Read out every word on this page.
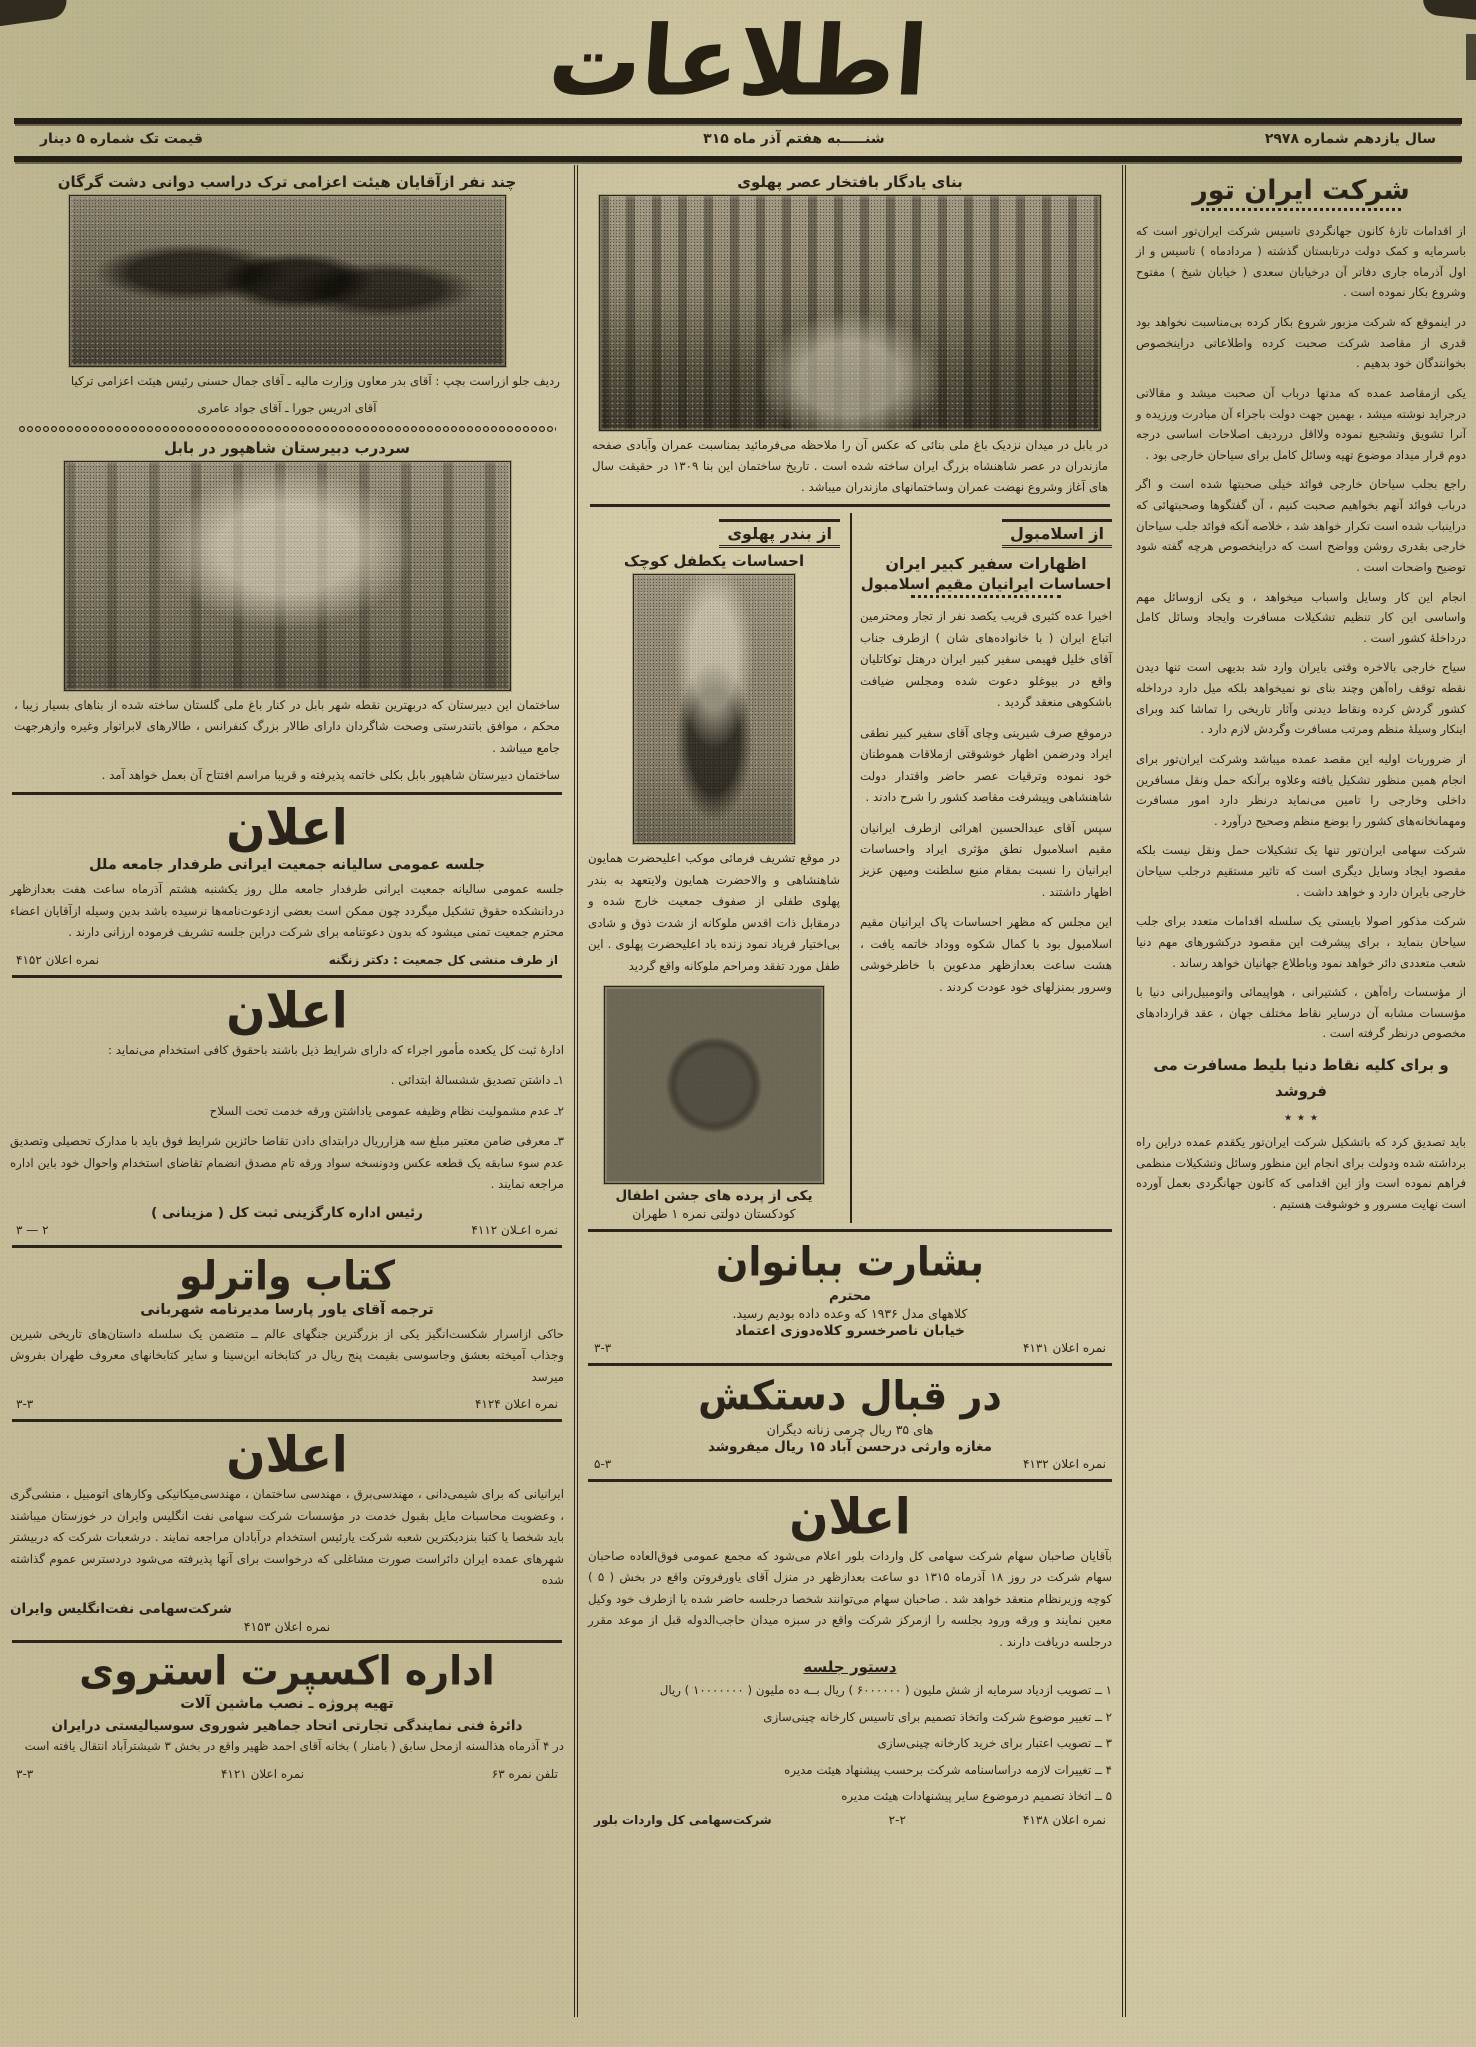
اطلاعات
سال یازدهم شماره ۲۹۷۸
شنـــــبه هفتم آذر ماه ۳۱۵
قیمت تک شماره ۵ دینار
شرکت ایران تور

از اقدامات تازهٔ کانون جهانگردی تاسیس شرکت ایران‌تور است که باسرمایه و کمک دولت درتابستان گذشته ( مردادماه ) تاسیس و از اول آذرماه جاری دفاتر آن درخیابان سعدی ( خیابان شیخ ) مفتوح وشروع بکار نموده است .

در اینموقع که شرکت مزبور شروع بکار کرده بی‌مناسبت نخواهد بود قدری از مقاصد شرکت صحبت کرده واطلاعاتی دراینخصوص بخوانندگان خود بدهیم .

یکی ازمقاصد عمده که مدتها درباب آن صحبت میشد و مقالاتی درجراید نوشته میشد ، بهمین جهت دولت باجراء آن مبادرت ورزیده و آنرا تشویق وتشجیع نموده ولااقل درردیف اصلاحات اساسی درجه دوم قرار میداد موضوع تهیه وسائل کامل برای سیاحان خارجی بود .

راجع بجلب سیاحان خارجی فوائد خیلی صحبتها شده است و اگر درباب فوائد آنهم بخواهیم صحبت کنیم ، آن گفتگوها وصحبتهائی که دراینباب شده است تکرار خواهد شد ، خلاصه آنکه فوائد جلب سیاحان خارجی بقدری روشن وواضح است که دراینخصوص هرچه گفته شود توضیح واضحات است .

انجام این کار وسایل واسباب میخواهد ، و یکی ازوسائل مهم واساسی این کار تنظیم تشکیلات مسافرت وایجاد وسائل کامل درداخلهٔ کشور است .

سیاح خارجی بالاخره وقتی بایران وارد شد بدیهی است تنها دیدن نقطه توقف راه‌آهن وچند بنای نو نمیخواهد بلکه میل دارد درداخله کشور گردش کرده ونقاط دیدنی وآثار تاریخی را تماشا کند وبرای اینکار وسیلهٔ منظم ومرتب مسافرت وگردش لازم دارد .

از ضروریات اولیه این مقصد عمده میباشد وشرکت ایران‌تور برای انجام همین منظور تشکیل یافته وعلاوه برآنکه حمل ونقل مسافرین داخلی وخارجی را تامین می‌نماید درنظر دارد امور مسافرت ومهمانخانه‌های کشور را بوضع منظم وصحیح درآورد .

شرکت سهامی ایران‌تور تنها یک تشکیلات حمل ونقل نیست بلکه مقصود ایجاد وسایل دیگری است که تاثیر مستقیم درجلب سیاحان خارجی بایران دارد و خواهد داشت .

شرکت مذکور اصولا بایستی یک سلسله اقدامات متعدد برای جلب سیاحان بنماید ، برای پیشرفت این مقصود درکشورهای مهم دنیا شعب متعددی دائر خواهد نمود وباطلاع جهانیان خواهد رساند .

از مؤسسات راه‌آهن ، کشتیرانی ، هواپیمائی واتومبیل‌رانی دنیا با مؤسسات مشابه آن درسایر نقاط مختلف جهان ، عقد قراردادهای مخصوص درنظر گرفته است .

و برای کلیه نقاط دنیا بلیط مسافرت می فروشد

٭ ٭ ٭

باید تصدیق کرد که باتشکیل شرکت ایران‌تور یکقدم عمده دراین راه برداشته شده ودولت برای انجام این منظور وسائل وتشکیلات منظمی فراهم نموده است واز این اقدامی که کانون جهانگردی بعمل آورده است نهایت مسرور و خوشوقت هستیم .

بنای یادگار بافتخار عصر پهلوی

در بابل در میدان نزدیک باغ ملی بنائی که عکس آن را ملاحظه می‌فرمائید بمناسبت عمران وآبادی صفحه مازندران در عصر شاهنشاه بزرگ ایران ساخته شده است . تاریخ ساختمان این بنا ۱۳۰۹ در حقیقت سال های آغاز وشروع نهضت عمران وساختمانهای مازندران میباشد .

از اسلامبول
اظهارات سفیر کبیر ایران
احساسات ایرانیان مقیم اسلامبول

اخیرا عده کثیری قریب یکصد نفر از تجار ومحترمین اتباع ایران ( با خانواده‌های شان ) ازطرف جناب آقای خلیل فهیمی سفیر کبیر ایران درهتل توکاتلیان واقع در بیوغلو دعوت شده ومجلس ضیافت باشکوهی منعقد گردید .

درموقع صرف شیرینی وچای آقای سفیر کبیر نطقی ایراد ودرضمن اظهار خوشوقتی ازملاقات هموطنان خود نموده وترقیات عصر حاضر واقتدار دولت شاهنشاهی وپیشرفت مقاصد کشور را شرح دادند .

سپس آقای عبدالحسین اهرائی ازطرف ایرانیان مقیم اسلامبول نطق مؤثری ایراد واحساسات ایرانیان را نسبت بمقام منیع سلطنت ومیهن عزیز اظهار داشتند .

این مجلس که مظهر احساسات پاک ایرانیان مقیم اسلامبول بود با کمال شکوه ووداد خاتمه یافت ، هشت ساعت بعدازظهر مدعوین با خاطرخوشی وسرور بمنزلهای خود عودت کردند .

از بندر پهلوی
احساسات یکطفل کوچک

در موقع تشریف فرمائی موکب اعلیحضرت همایون شاهنشاهی و والاحضرت همایون ولایتعهد به بندر پهلوی طفلی از صفوف جمعیت خارج شده و درمقابل ذات اقدس ملوکانه از شدت ذوق و شادی بی‌اختیار فریاد نمود زنده باد اعلیحضرت پهلوی . این طفل مورد تفقد ومراحم ملوکانه واقع گردید

یکی از پرده های جشن اطفال

کودکستان دولتی نمره ۱ طهران

بشارت ببانوان

محترم

کلاههای مدل ۱۹۳۶ که وعده داده بودیم رسید.

خیابان ناصرخسرو کلاه‌دوزی اعتماد

نمره اعلان ۴۱۳۱
۳-۳
در قبال دستکش

های ۳۵ ریال چرمی زنانه دیگران

مغازه وارثی درحسن آباد ۱۵ ریال میفروشد

نمره اعلان ۴۱۳۲
۵-۳
اعلان

بآقایان صاحبان سهام شرکت سهامی کل واردات بلور اعلام می‌شود که مجمع عمومی فوق‌العاده صاحبان سهام شرکت در روز ۱۸ آذرماه ۱۳۱۵ دو ساعت بعدازظهر در منزل آقای یاورفروتن واقع در بخش ( ۵ ) کوچه وزیرنظام منعقد خواهد شد . صاحبان سهام می‌توانند شخصا درجلسه حاضر شده یا ازطرف خود وکیل معین نمایند و ورقه ورود بجلسه را ازمرکز شرکت واقع در سبزه میدان حاجب‌الدوله قبل از موعد مقرر درجلسه دریافت دارند .

دستور جلسه

۱ ــ تصویب ازدیاد سرمایه از شش ملیون ( ۶۰۰۰۰۰۰ ) ریال بــه ده ملیون ( ۱۰۰۰۰۰۰۰ ) ریال

۲ ــ تغییر موضوع شرکت واتخاذ تصمیم برای تاسیس کارخانه چینی‌سازی

۳ ــ تصویب اعتبار برای خرید کارخانه چینی‌سازی

۴ ــ تغییرات لازمه دراساسنامه شرکت برحسب پیشنهاد هیئت مدیره

۵ ــ اتخاذ تصمیم درموضوع سایر پیشنهادات هیئت مدیره

نمره اعلان ۴۱۳۸
۲-۲
شرکت‌سهامی کل واردات بلور
چند نفر ازآقایان هیئت اعزامی ترک دراسب دوانی دشت گرگان

ردیف جلو ازراست بچپ : آقای بدر معاون وزارت مالیه ـ آقای جمال حسنی رئیس هیئت اعزامی ترکیا

آقای ادریس جورا ـ آقای جواد عامری

سردرب دبیرستان شاهپور در بابل

ساختمان این دبیرستان که دربهترین نقطه شهر بابل در کنار باغ ملی گلستان ساخته شده از بناهای بسیار زیبا ، محکم ، موافق باتندرستی وصحت شاگردان دارای طالار بزرگ کنفرانس ، طالارهای لابراتوار وغیره وازهرجهت جامع میباشد .

ساختمان دبیرستان شاهپور بابل بکلی خاتمه پذیرفته و قریبا مراسم افتتاح آن بعمل خواهد آمد .

اعلان
جلسه عمومی سالیانه جمعیت ایرانی طرفدار جامعه ملل

جلسه عمومی سالیانه جمعیت ایرانی طرفدار جامعه ملل روز یکشنبه هشتم آذرماه ساعت هفت بعدازظهر دردانشکده حقوق تشکیل میگردد چون ممکن است بعضی ازدعوت‌نامه‌ها نرسیده باشد بدین وسیله ازآقایان اعضاء محترم جمعیت تمنی میشود که بدون دعوتنامه برای شرکت دراین جلسه تشریف فرموده ارزانی دارند .

از طرف منشی کل جمعیت : دکتر زنگنه
نمره اعلان ۴۱۵۲
اعلان

ادارهٔ ثبت کل یکعده مأمور اجراء که دارای شرایط ذیل باشند باحقوق کافی استخدام می‌نماید :

۱ـ داشتن تصدیق ششسالهٔ ابتدائی .

۲ـ عدم مشمولیت نظام وظیفه عمومی یاداشتن ورقه خدمت تحت السلاح

۳ـ معرفی ضامن معتبر مبلغ سه هزارریال درابتدای دادن تقاضا حائزین شرایط فوق باید با مدارک تحصیلی وتصدیق عدم سوء سابقه یک قطعه عکس ودونسخه سواد ورقه تام مصدق انضمام تقاضای استخدام واحوال خود باین اداره مراجعه نمایند .

رئیس اداره کارگزینی ثبت کل ( مزینانی )

نمره اعـلان ۴۱۱۲
۲ — ۳
کتاب واترلو
ترجمه آقای یاور پارسا مدیرنامه شهربانی

حاکی ازاسرار شکست‌انگیز یکی از بزرگترین جنگهای عالم ــ متضمن یک سلسله داستان‌های تاریخی شیرین وجذاب آمیخته بعشق وجاسوسی بقیمت پنج ریال در کتابخانه ابن‌سینا و سایر کتابخانهای معروف طهران بفروش میرسد

نمره اعلان ۴۱۲۴
۳-۳
اعلان

ایرانیانی که برای شیمی‌دانی ، مهندسی‌برق ، مهندسی ساختمان ، مهندسی‌میکانیکی وکارهای اتومبیل ، منشی‌گری ، وعضویت محاسبات مایل بقبول خدمت در مؤسسات شرکت سهامی نفت انگلیس وایران در خوزستان میباشند باید شخصا یا کتبا بنزدیکترین شعبه شرکت یارئیس استخدام درآبادان مراجعه نمایند . درشعبات شرکت که دربیشتر شهرهای عمده ایران دائراست صورت مشاغلی که درخواست برای آنها پذیرفته می‌شود دردسترس عموم گذاشته شده

شرکت‌سهامی نفت‌انگلیس وایران

نمره اعلان ۴۱۵۳

اداره اکسپرت استروی
تهیه پروژه ـ نصب ماشین آلات

دائرهٔ فنی نمایندگی تجارتی اتحاد جماهیر شوروی سوسیالیستی درایران

در ۴ آذرماه هذالسنه ازمحل سابق ( بامنار ) بخانه آقای احمد ظهیر واقع در بخش ۳ شیشترآباد انتقال یافته است

تلفن نمره ۶۳
نمره اعلان ۴۱۲۱
۳-۳
